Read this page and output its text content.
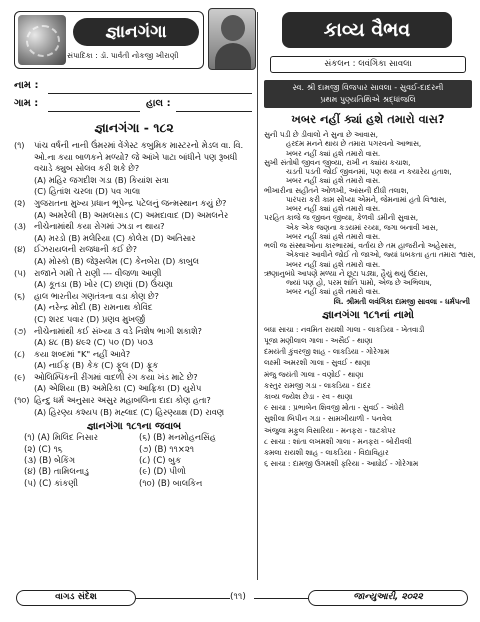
જ્ઞાનગંગા
સંપાદિકા : ડૉ. પાર્વતી નોકજી ખીરાણી
નામ :
ગામ :	હાલ :
જ્ઞાનગંગા - ૧૮૨
(૧)	પાંચ વર્ષની નાની ઉંમરમાં વેંગેસ્ટ કબુમિક માસ્ટરનો મેડલ વા. વિ. ઓ.ના કયા બાળકને મળ્યો? જે આંખે પાટા બાંધીને પણ રૂબધી વચાડે ક્યુબ સોલવ કરી શકે છે?
(A) મહિર જગદીશ ગડા (B) કિયાંશ સત્રા
(C) હિતાંશ ચરલા (D) પવ ગાલા
(૨)	ગુજરાતના મુખ્ય પ્રધાન ભૂપેન્દ્ર પટેલનું જન્મસ્થાન કયું છે?
(A) અમરેલી (B) અમલસાડ (C) અમદાવાદ (D) અમલનેર
(૩) નીચેનામાંથી કયા રોગમાં ઝાડા ન થાય?
(A) મરડો (B) મલેરિયા (C) કોલેરા (D) અતિસાર
(૪)	ઈઝરાયલની રાજધાની કઈ છે?
(A) મોસ્કો (B) જેરૂસલેમ (C) કેનબેરા (D) કાબુલ
(૫) રાજાને ગમી તે રાણી --- વીજળા આણી
(A) કૂતડા (B) ખોર (C) છાણાં (D) ઉંચણા
(૬)	હાલ ભારતીય ગણતંત્રના વડા કોણ છે?
(A) નરેન્દ્ર મોદી (B) રામનાથ કોવિંદ
(C) શરદ પવાર (D) પ્રણવ મુખર્જી
(૭) નીચેનામાંથી કઈ સંખ્યા ૩ વડે નિશેષ ભાગી શકાશે?
(A) ૪૮ (B) ૪૯૨ (C) ૫૦ (D) ૫૦૩
(૮)	કયા શબ્દમાં "K" નહીં આવે?
(A) નાઈફ (B) કેક (C) ફૂલ (D) ફ્રૂક
(૯)	ઓલિમ્પિકની રીંગમાં વાદળી રંગ કયા ખંડ માટે છે?
(A) એશિયા (B) અમેરિકા (C) આફ્રિકા (D) યુરોપ
(૧૦) હિન્દુ ધર્મ અનુસાર અસુર મહાબલિના દાદા કોણ હતા?
(A) હિરણ્ય કશ્યપ (B) મહ્લાદ (C) હિરણ્યાક્ષ (D) રાવણ
જ્ઞાનગંગા ૧૮૧ના જવાબ
(૧) (A) મિલિંદ નિસાર	(૬) (B) મનમોહનસિંહ
(૨) (C) ૧૬	(૭) (B) ૧૧×૨૧
(૩) (B) બેકિંગ	(૮) (C) બુક
(૪) (B) તામિલનાડુ	(૯) (D) પીળો
(૫) (C) કાંકણી	(૧૦) (B) બાલકિન
કાવ્ય વૈભવ
સંકલન : લવંગિકા સાવલા
સ્વ. શ્રી દામજી વિજપાર સાવલા - સુવઈ-દાદરની
પ્રથમ પુણ્યતિથિએ શ્રદ્ધાંજલિ
ખબર નહીં ક્યાં હશે તમારો વાસ?
સુની પડી છે ડીવાલો ને સુના છે આવાસ,
હરદમ મનને થાય છે તમારા પગરવનો આભાસ,
ખબર નહીં ક્યાં હશે તમારો વાસ.
સુખી સંતોષી જીવન જીવ્યા, રાખી ન ક્યાંય કચાશ,
ચડતી પડતી જોઈ જીવનમાં, પણ થયા ન કયારેય હતાશ,
ખબર નહીં ક્યાં હશે તમારો વાસ.
ભીખારીના સહીતને ઓળખી, આંસની દીધી તલાશ,
પારંપરા કરી કામ સોંપ્યા એમને, જેમનામાં હતો વિશ્વાસ,
ખબર નહીં ક્યાં હશે તમારો વાસ.
પરહિત કાજે જ જીવન જીવ્યા, કેળવી ડમીની સુવાસ,
એક એક જણના કડયમાં રચ્યા, જગા બનાવી ખાસ,
ખબર નહીં ક્યાં હશે તમારો વાસ.
ભલી જ સંસ્થાઓના કારભારમાં, વર્તાય છે તમ હાજરીનો અહેસાસ,
એકવાર આવીને જોઈ તો જાઓ, જ્યાં ધબકતા હતા તમારા શ્વાસ,
ખબર નહીં ક્યાં હશે તમારો વાસ.
ઋણાનુબંધે આપણે મળ્યા ને છૂટા પડ્યા, હૈયું થયું ઉદાસ,
જ્યાં પણ હો, પરમ શાંતિ પામો, એજ છે અભિલાષ,
ખબર નહીં ક્યાં હશે તમારો વાસ.
લિ. શ્રીમતી લવંગિકા દામજી સાવલા - ધર્મપત્ની
જ્ઞાનગંગા ૧૮૧નાં નામો
બધા સાચા : નવમિત રાયશી ગાલા - લાકડિયા - ખેતવાડી
પૂજા મણીલાલ ગાલા - અસૈઈ - થાણા
દમયંતી કુંવરજી શાહ - લાકડિયા - ગોરેગામ
લક્ષ્મી અમરશી ગાલા - સુવઈ - થાણા
મંજુ જયંતી ગાલા - વણોઈ - થાણા
કસ્તુર રામજી ગડા - લાકડિયા - દાદર
કાવ્ય જયેશ છેડા - રવ - થાણા
૯ સાચા : પ્રભાબેન શિવજી મોતા - સુવઈ - અંધેરી
સુશીલા બિપીન ગડા - સામખીયાળી - પનવેલ
અંજુલા મફુલ વિસારિયા - મનફરા - ઘાટકોપર
૮ સાચા : શાંતા લખમશી ગાલા - મનફરા - બોરીવલી
કમલા રાયશી શાહ - લાકડિયા - વિદ્યાવિહાર
૬ સાચા : દામજી ઉગમશી ફરિયા - આધોઈ - ગોરેગામ
વાગડ સંદેશ	(૧૧)	જાન્યુઆરી, ૨૦૨૨
